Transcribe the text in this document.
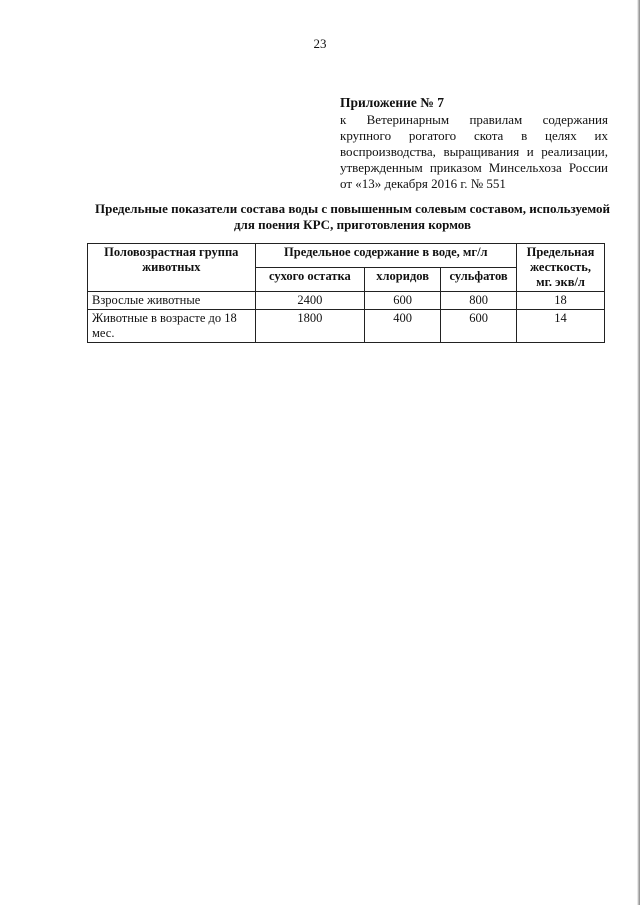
23
Приложение № 7
к Ветеринарным правилам содержания
крупного рогатого скота в целях их
воспроизводства, выращивания и реализации,
утвержденным приказом Минсельхоза России
от «13» декабря 2016 г. № 551
Предельные показатели состава воды с повышенным солевым составом, используемой
для поения КРС, приготовления кормов
Половозрастная группа животных	Предельное содержание в воде, мг/л			Предельная жесткость, мг. экв/л
	сухого остатка	хлоридов	сульфатов	
Взрослые животные	2400	600	800	18
Животные в возрасте до 18 мес.	1800	400	600	14
